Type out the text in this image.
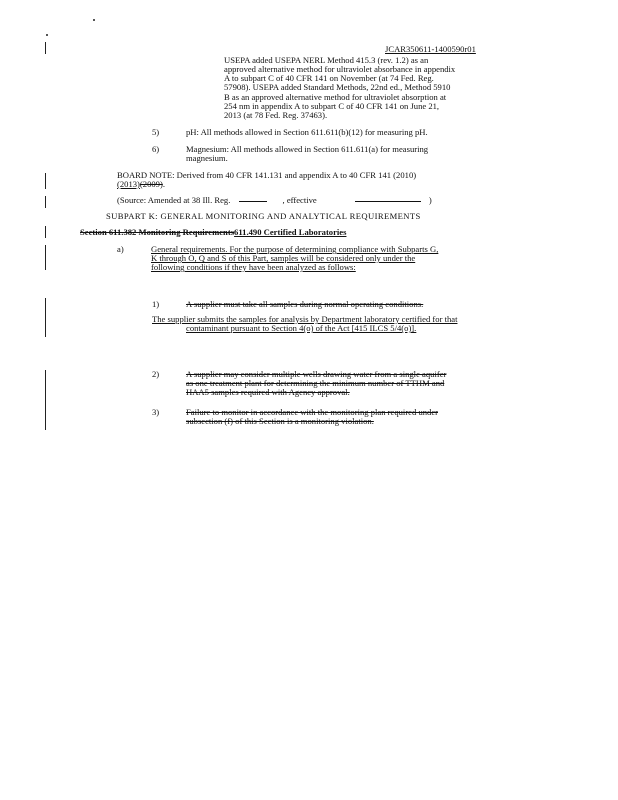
JCAR350611-1400590r01
USEPA added USEPA NERL Method 415.3 (rev. 1.2) as an
approved alternative method for ultraviolet absorbance in appendix
A to subpart C of 40 CFR 141 on November (at 74 Fed. Reg.
57908). USEPA added Standard Methods, 22nd ed., Method 5910
B as an approved alternative method for ultraviolet absorption at
254 nm in appendix A to subpart C of 40 CFR 141 on June 21,
2013 (at 78 Fed. Reg. 37463).
5)	pH: All methods allowed in Section 611.611(b)(12) for measuring pH.
6)	Magnesium: All methods allowed in Section 611.611(a) for measuring
magnesium.
BOARD NOTE: Derived from 40 CFR 141.131 and appendix A to 40 CFR 141 (2010)
(2013)(2009).
(Source: Amended at 38 Ill. Reg.	, effective	)
SUBPART K: GENERAL MONITORING AND ANALYTICAL REQUIREMENTS
Section 611.382 Monitoring Requirements611.490 Certified Laboratories
a)	General requirements. For the purpose of determining compliance with Subparts G,
K through O, Q and S of this Part, samples will be considered only under the
following conditions if they have been analyzed as follows:
1)	A supplier must take all samples during normal operating conditions.
The supplier submits the samples for analysis by Department laboratory certified for that
contaminant pursuant to Section 4(o) of the Act [415 ILCS 5/4(o)].
2)	A supplier may consider multiple wells drawing water from a single aquifer
as one treatment plant for determining the minimum number of TTHM and
HAA5 samples required with Agency approval.
3)	Failure to monitor in accordance with the monitoring plan required under
subsection (f) of this Section is a monitoring violation.
